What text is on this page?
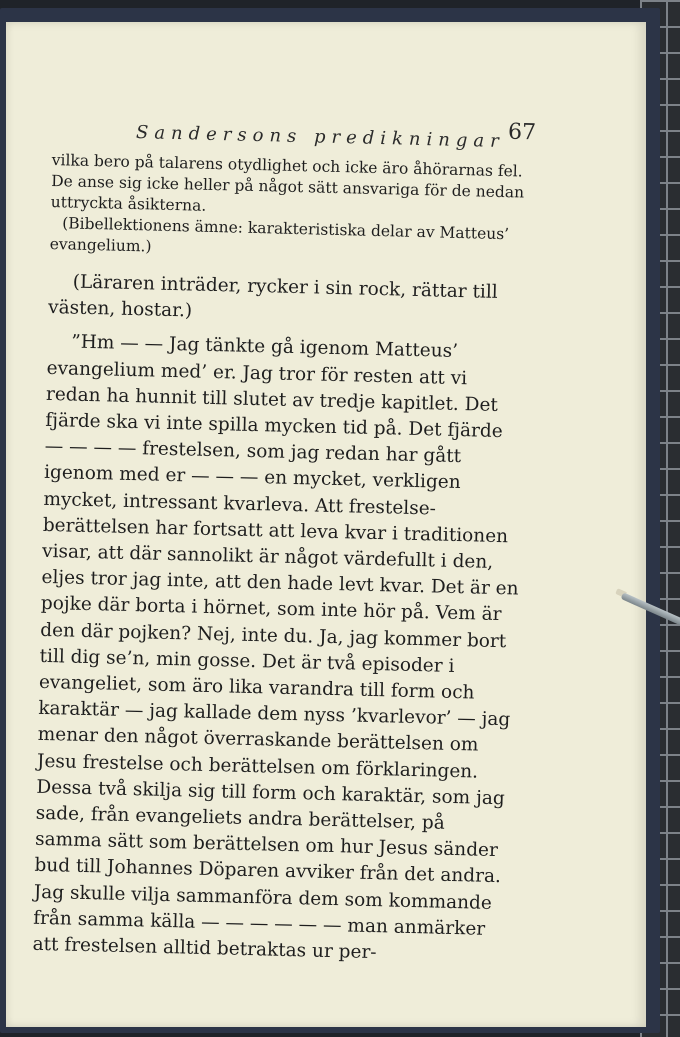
Sandersons predikningar 67

vilka bero på talarens otydlighet och icke äro åhörarnas fel. De anse sig icke heller på något sätt ansvariga för de nedan uttryckta åsikterna.

(Bibellektionens ämne: karakteristiska delar av Matteus’ evangelium.)

(Läraren inträder, rycker i sin rock, rättar till västen, hostar.)

”Hm — — Jag tänkte gå igenom Matteus’ evangelium med’ er. Jag tror för resten att vi redan ha hunnit till slutet av tredje kapitlet. Det fjärde ska vi inte spilla mycken tid på. Det fjärde — — — — frestelsen, som jag redan har gått igenom med er — — — en mycket, verkligen mycket, intressant kvarleva. Att frestelse-berättelsen har fortsatt att leva kvar i traditionen visar, att där sannolikt är något värdefullt i den, eljes tror jag inte, att den hade levt kvar. Det är en pojke där borta i hörnet, som inte hör på. Vem är den där pojken? Nej, inte du. Ja, jag kommer bort till dig se’n, min gosse. Det är två episoder i evangeliet, som äro lika varandra till form och karaktär — jag kallade dem nyss ’kvarlevor’ — jag menar den något överraskande berättelsen om Jesu frestelse och berättelsen om förklaringen. Dessa två skilja sig till form och karaktär, som jag sade, från evangeliets andra berättelser, på samma sätt som berättelsen om hur Jesus sänder bud till Johannes Döparen avviker från det andra. Jag skulle vilja sammanföra dem som kommande från samma källa — — — — — — man anmärker att frestelsen alltid betraktas ur per-
